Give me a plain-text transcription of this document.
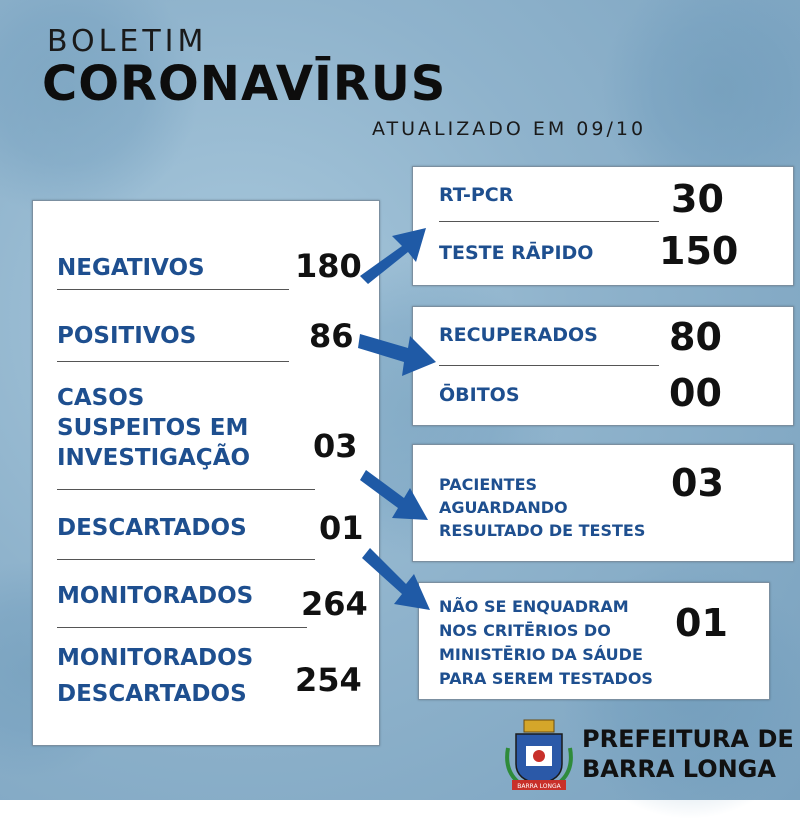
BOLETIM
CORONAVĪRUS
ATUALIZADO EM 09/10
NEGATIVOS	180
POSITIVOS	86
CASOS
SUSPEITOS EM
INVESTIGAÇÃO 03
DESCARTADOS 01
MONITORADOS 264
MONITORADOS
DESCARTADOS 254
RT-PCR	30
TESTE RĀPIDO 150
RECUPERADOS 80
ŌBITOS	00
PACIENTES
AGUARDANDO
RESULTADO DE TESTES
03
NÃO SE ENQUADRAM
NOS CRITĒRIOS DO
MINISTĒRIO DA SÁUDE
PARA SEREM TESTADOS
01
BARRA LONGA
PREFEITURA DE
BARRA LONGA
